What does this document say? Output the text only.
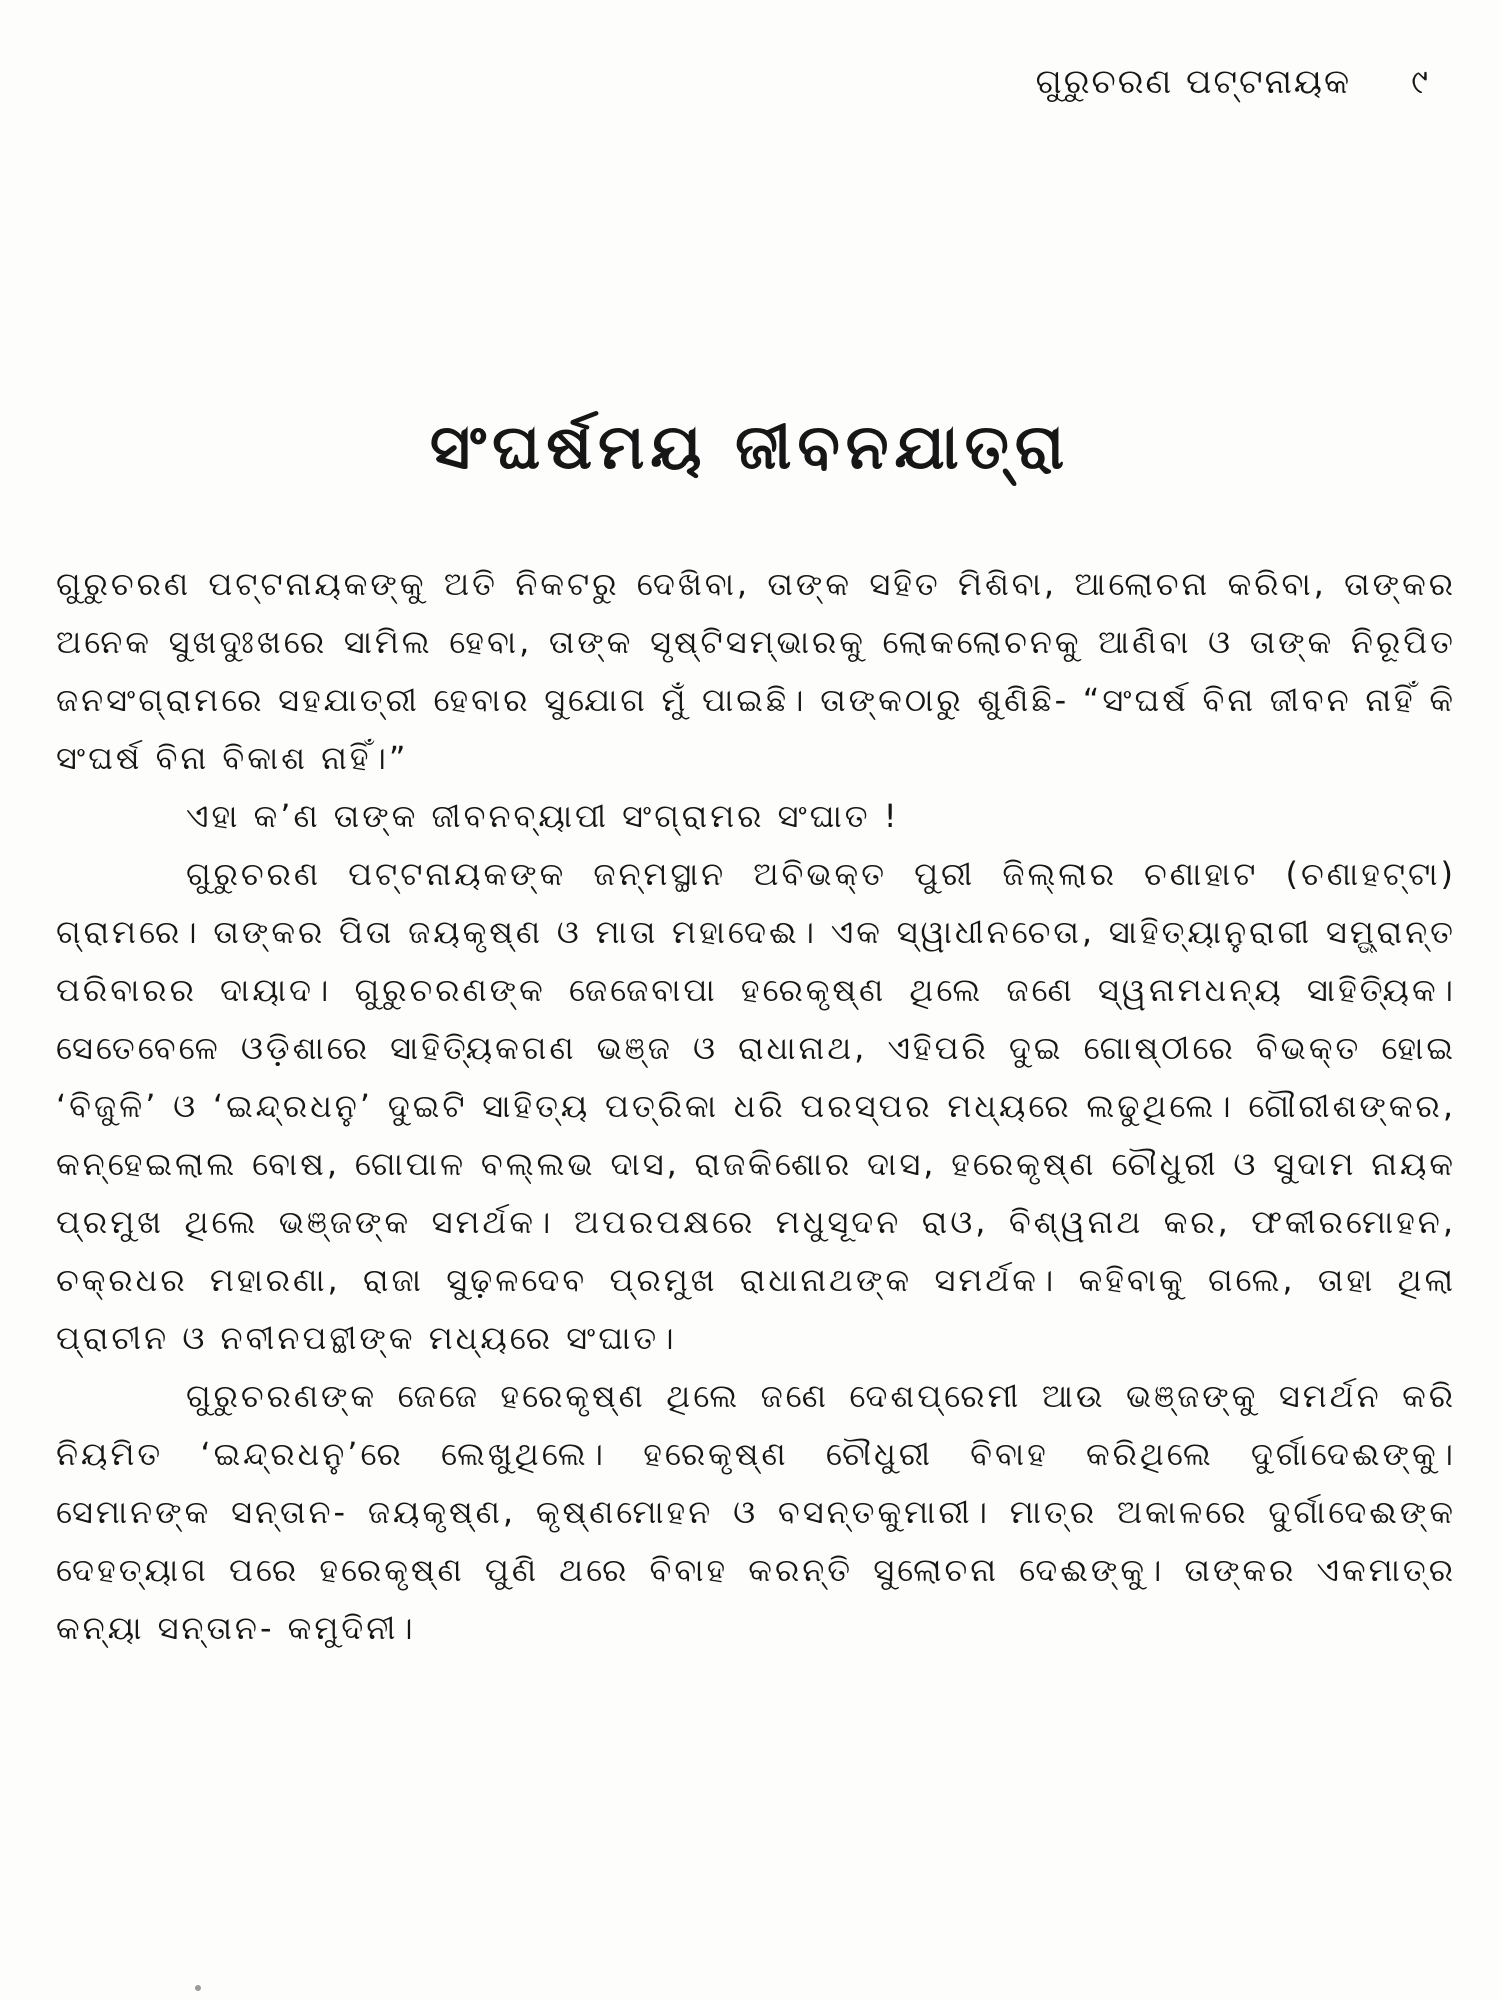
ଗୁରୁଚରଣ ପଟ୍ଟନାୟକ ୯
ସଂଘର୍ଷମୟ ଜୀବନଯାତ୍ରା

ଗୁରୁଚରଣ ପଟ୍ଟନାୟକଙ୍କୁ ଅତି ନିକଟରୁ ଦେଖିବା, ତାଙ୍କ ସହିତ ମିଶିବା, ଆଲୋଚନା କରିବା, ତାଙ୍କର ଅନେକ ସୁଖଦୁଃଖରେ ସାମିଲ ହେବା, ତାଙ୍କ ସୃଷ୍ଟିସମ୍ଭାରକୁ ଲୋକଲୋଚନକୁ ଆଣିବା ଓ ତାଙ୍କ ନିରୂପିତ ଜନସଂଗ୍ରାମରେ ସହଯାତ୍ରୀ ହେବାର ସୁଯୋଗ ମୁଁ ପାଇଛି। ତାଙ୍କଠାରୁ ଶୁଣିଛି- “ସଂଘର୍ଷ ବିନା ଜୀବନ ନାହିଁ କି ସଂଘର୍ଷ ବିନା ବିକାଶ ନାହିଁ।”

ଏହା କ’ଣ ତାଙ୍କ ଜୀବନବ୍ୟାପୀ ସଂଗ୍ରାମର ସଂଘାତ !

ଗୁରୁଚରଣ ପଟ୍ଟନାୟକଙ୍କ ଜନ୍ମସ୍ଥାନ ଅବିଭକ୍ତ ପୁରୀ ଜିଲ୍ଲାର ଚଣାହାଟ (ଚଣାହଟ୍ଟା) ଗ୍ରାମରେ। ତାଙ୍କର ପିତା ଜୟକୃଷ୍ଣ ଓ ମାତା ମହାଦେଈ। ଏକ ସ୍ୱାଧୀନଚେତା, ସାହିତ୍ୟାନୁରାଗୀ ସମ୍ଭ୍ରାନ୍ତ ପରିବାରର ଦାୟାଦ। ଗୁରୁଚରଣଙ୍କ ଜେଜେବାପା ହରେକୃଷ୍ଣ ଥିଲେ ଜଣେ ସ୍ୱନାମଧନ୍ୟ ସାହିତ୍ୟିକ। ସେତେବେଳେ ଓଡ଼ିଶାରେ ସାହିତ୍ୟିକଗଣ ଭଞ୍ଜ ଓ ରାଧାନାଥ, ଏହିପରି ଦୁଇ ଗୋଷ୍ଠୀରେ ବିଭକ୍ତ ହୋଇ ‘ବିଜୁଳି’ ଓ ‘ଇନ୍ଦ୍ରଧନୁ’ ଦୁଇଟି ସାହିତ୍ୟ ପତ୍ରିକା ଧରି ପରସ୍ପର ମଧ୍ୟରେ ଲଢୁଥିଲେ। ଗୌରୀଶଙ୍କର, କନ୍ହେଇଲାଲ ବୋଷ, ଗୋପାଳ ବଲ୍ଲଭ ଦାସ, ରାଜକିଶୋର ଦାସ, ହରେକୃଷ୍ଣ ଚୌଧୁରୀ ଓ ସୁଦାମ ନାୟକ ପ୍ରମୁଖ ଥିଲେ ଭଞ୍ଜଙ୍କ ସମର୍ଥକ। ଅପରପକ୍ଷରେ ମଧୁସୂଦନ ରାଓ, ବିଶ୍ୱନାଥ କର, ଫକୀରମୋହନ, ଚକ୍ରଧର ମହାରଣା, ରାଜା ସୁଢ଼ଳଦେବ ପ୍ରମୁଖ ରାଧାନାଥଙ୍କ ସମର୍ଥକ। କହିବାକୁ ଗଲେ, ତାହା ଥିଲା ପ୍ରାଚୀନ ଓ ନବୀନପନ୍ଥୀଙ୍କ ମଧ୍ୟରେ ସଂଘାତ।

ଗୁରୁଚରଣଙ୍କ ଜେଜେ ହରେକୃଷ୍ଣ ଥିଲେ ଜଣେ ଦେଶପ୍ରେମୀ ଆଉ ଭଞ୍ଜଙ୍କୁ ସମର୍ଥନ କରି ନିୟମିତ ‘ଇନ୍ଦ୍ରଧନୁ’ରେ ଲେଖୁଥିଲେ। ହରେକୃଷ୍ଣ ଚୌଧୁରୀ ବିବାହ କରିଥିଲେ ଦୁର୍ଗାଦେଈଙ୍କୁ। ସେମାନଙ୍କ ସନ୍ତାନ- ଜୟକୃଷ୍ଣ, କୃଷ୍ଣମୋହନ ଓ ବସନ୍ତକୁମାରୀ। ମାତ୍ର ଅକାଳରେ ଦୁର୍ଗାଦେଈଙ୍କ ଦେହତ୍ୟାଗ ପରେ ହରେକୃଷ୍ଣ ପୁଣି ଥରେ ବିବାହ କରନ୍ତି ସୁଲୋଚନା ଦେଈଙ୍କୁ। ତାଙ୍କର ଏକମାତ୍ର କନ୍ୟା ସନ୍ତାନ- କମୁଦିନୀ।
